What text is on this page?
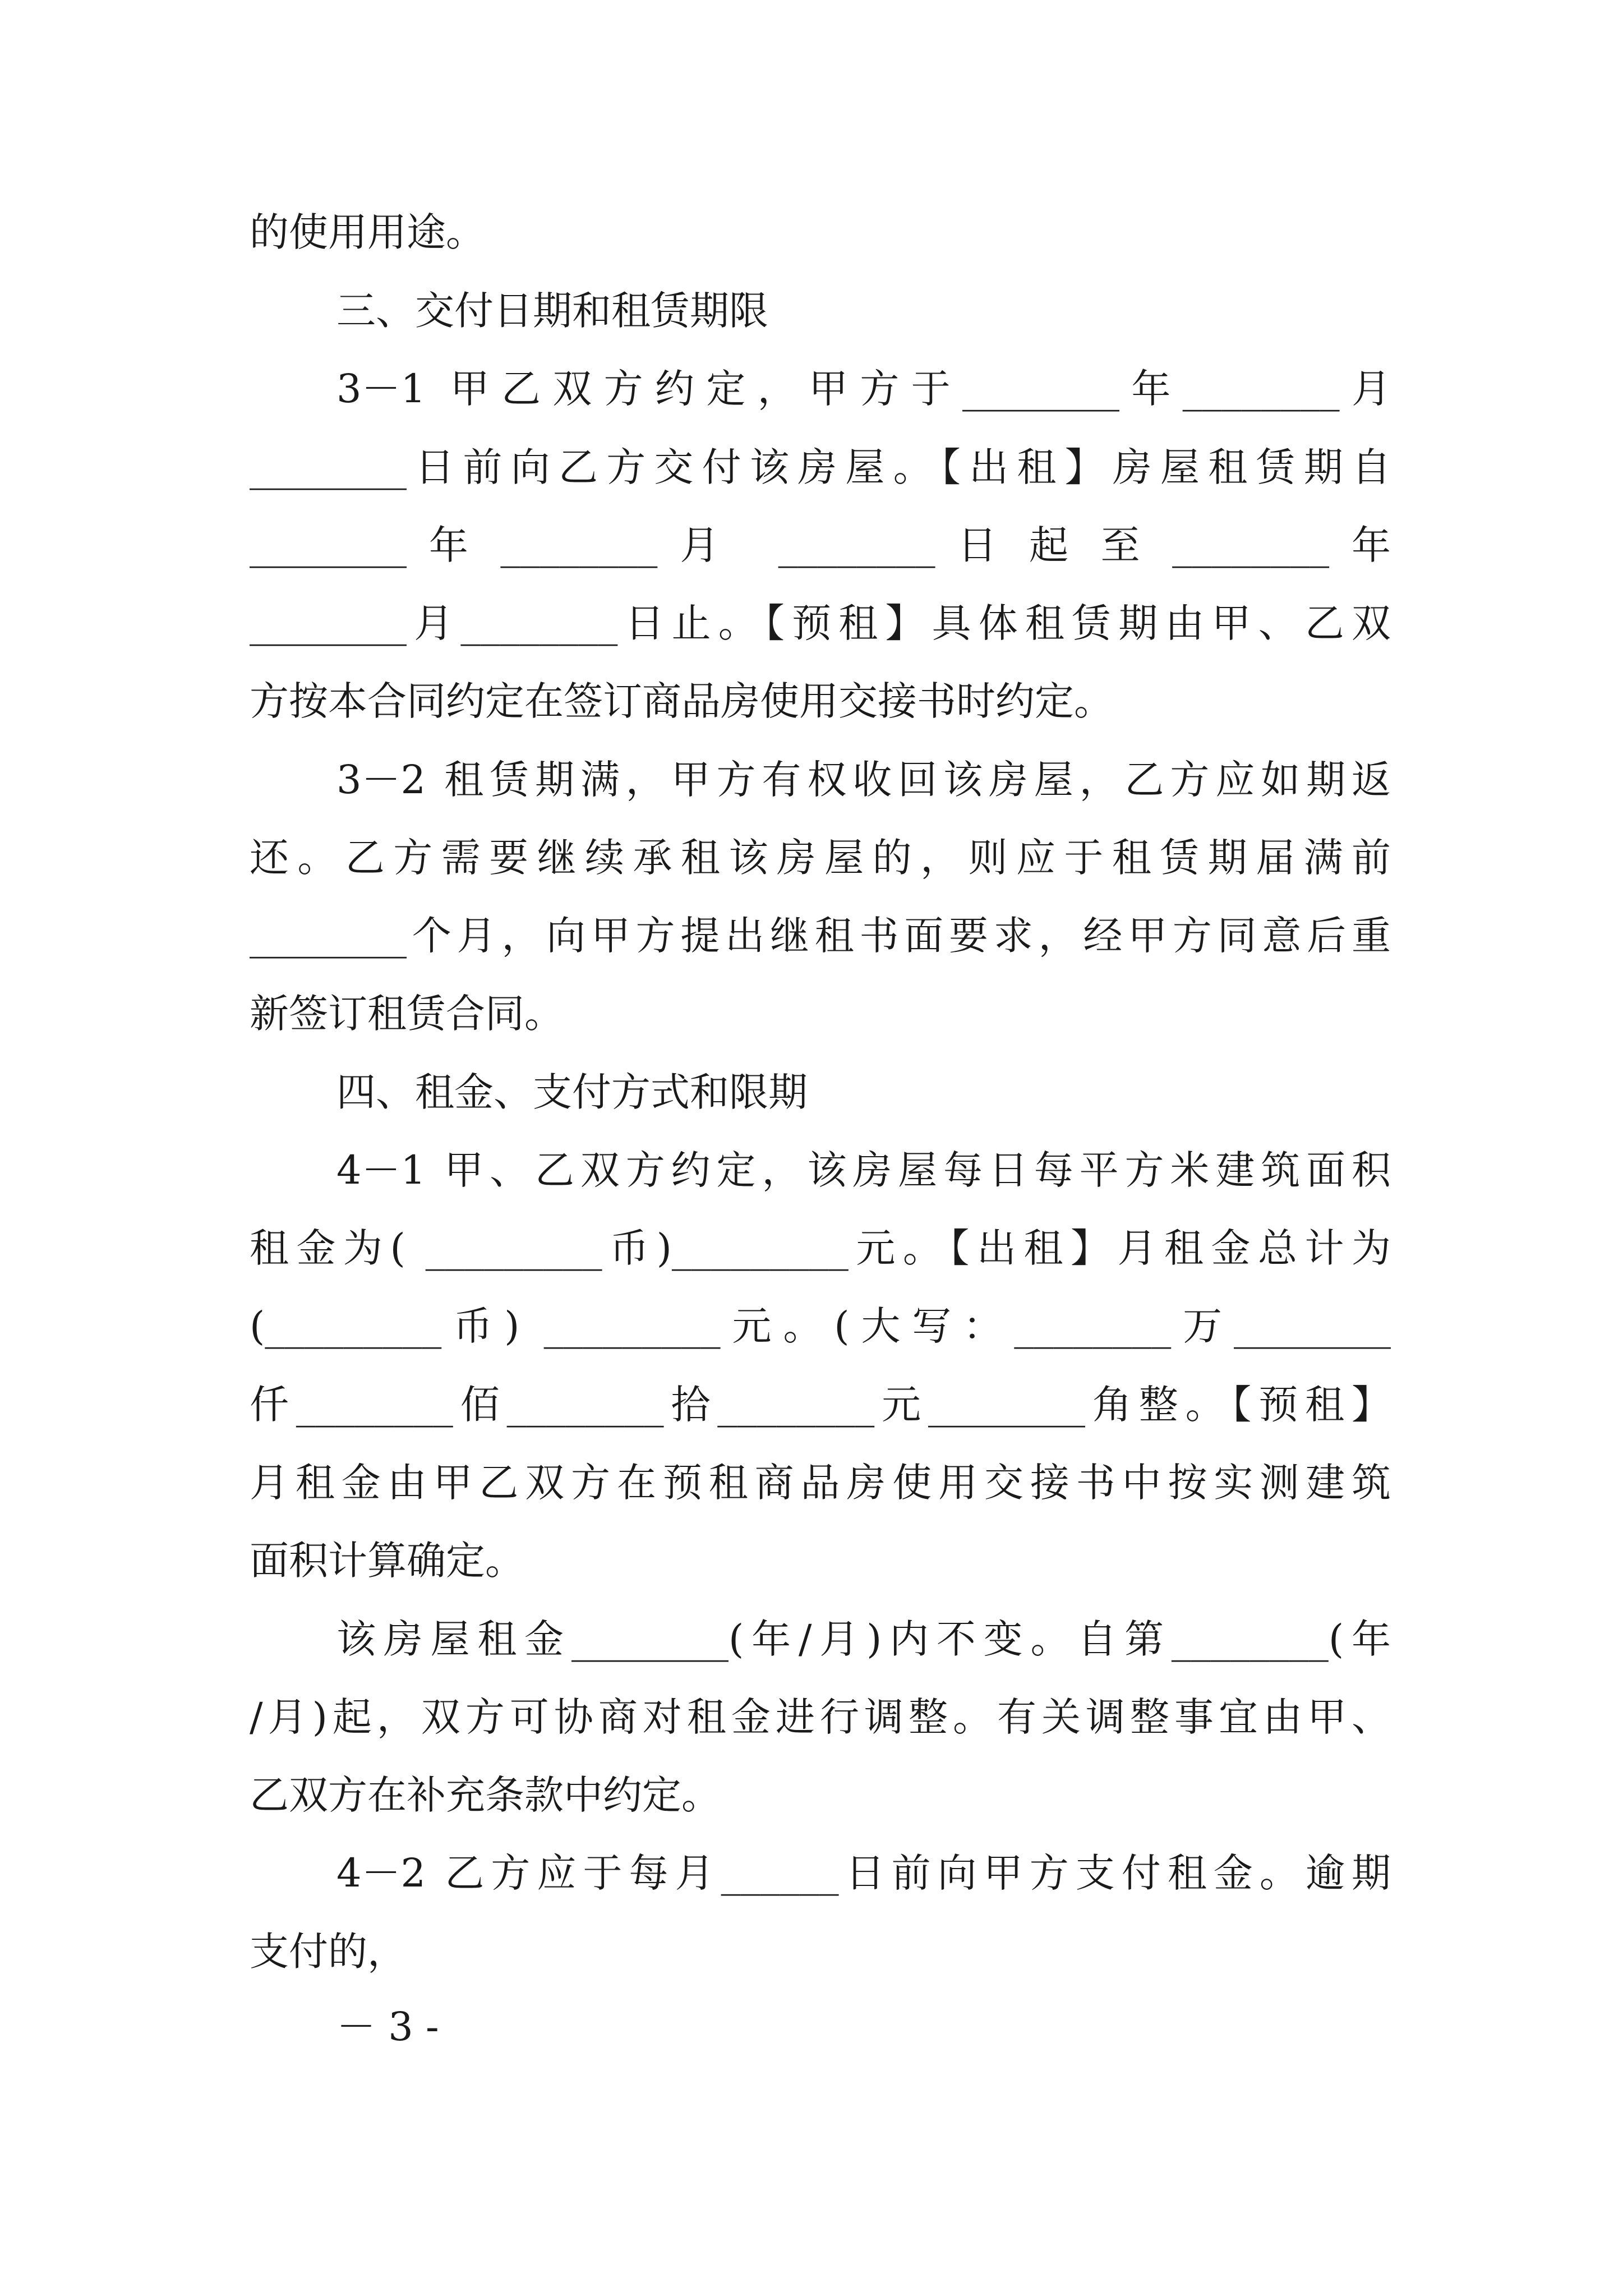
的使用用途。
三、交付日期和租赁期限
3－1 甲乙双方约定，甲方于________年________月
________日前向乙方交付该房屋。【出租】房屋租赁期自
________ 年 ________ 月　________ 日 起 至 ________ 年
________月________日止。【预租】具体租赁期由甲、乙双
方按本合同约定在签订商品房使用交接书时约定。
3－2 租赁期满，甲方有权收回该房屋，乙方应如期返
还。乙方需要继续承租该房屋的，则应于租赁期届满前
________个月，向甲方提出继租书面要求，经甲方同意后重
新签订租赁合同。
四、租金、支付方式和限期
4－1 甲、乙双方约定，该房屋每日每平方米建筑面积
租金为( _________币)_________元。【出租】月租金总计为
(_________币) _________元。(大写：________万________
仟________佰________拾________元________角整。【预租】
月租金由甲乙双方在预租商品房使用交接书中按实测建筑
面积计算确定。
该房屋租金________(年/月)内不变。自第________(年
/月)起，双方可协商对租金进行调整。有关调整事宜由甲、
乙双方在补充条款中约定。
4－2 乙方应于每月______日前向甲方支付租金。逾期
支付的，
－ 3 -
